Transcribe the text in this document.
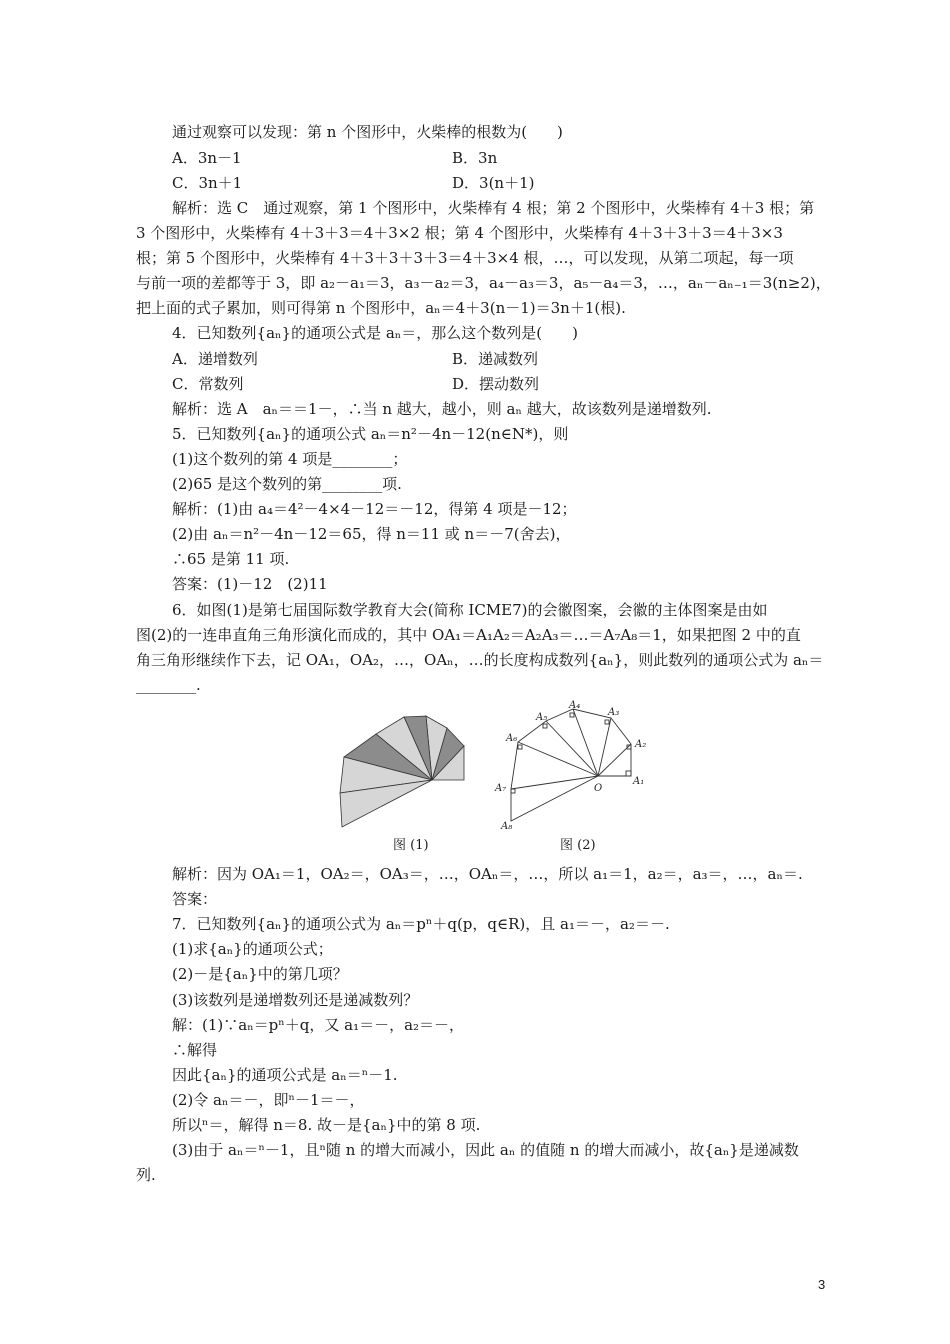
通过观察可以发现：第 n 个图形中，火柴棒的根数为(　　)
A．3n－1	B．3n
C．3n＋1	D．3(n＋1)
解析：选 C　通过观察，第 1 个图形中，火柴棒有 4 根；第 2 个图形中，火柴棒有 4＋3 根；第
3 个图形中，火柴棒有 4＋3＋3＝4＋3×2 根；第 4 个图形中，火柴棒有 4＋3＋3＋3＝4＋3×3
根；第 5 个图形中，火柴棒有 4＋3＋3＋3＋3＝4＋3×4 根，…，可以发现，从第二项起，每一项
与前一项的差都等于 3，即 a₂－a₁＝3，a₃－a₂＝3，a₄－a₃＝3，a₅－a₄＝3，…，aₙ－aₙ₋₁＝3(n≥2)，
把上面的式子累加，则可得第 n 个图形中，aₙ＝4＋3(n－1)＝3n＋1(根).
4．已知数列{aₙ}的通项公式是 aₙ＝，那么这个数列是(　　)
A．递增数列	B．递减数列
C．常数列	D．摆动数列
解析：选 A　aₙ＝＝1－，∴当 n 越大，越小，则 aₙ 越大，故该数列是递增数列.
5．已知数列{aₙ}的通项公式 aₙ＝n²－4n－12(n∈N*)，则
(1)这个数列的第 4 项是________；
(2)65 是这个数列的第________项.
解析：(1)由 a₄＝4²－4×4－12＝－12，得第 4 项是－12；
(2)由 aₙ＝n²－4n－12＝65，得 n＝11 或 n＝－7(舍去)，
∴65 是第 11 项.
答案：(1)－12　(2)11
6．如图(1)是第七届国际数学教育大会(简称 ICME7)的会徽图案，会徽的主体图案是由如
图(2)的一连串直角三角形演化而成的，其中 OA₁＝A₁A₂＝A₂A₃＝…＝A₇A₈＝1，如果把图 2 中的直
角三角形继续作下去，记 OA₁，OA₂，…，OAₙ，…的长度构成数列{aₙ}，则此数列的通项公式为 aₙ＝
________.
图 (1)
A₁
A₂
A₃
A₄
A₅
A₆
A₇
A₈
O
图 (2)
解析：因为 OA₁＝1，OA₂＝，OA₃＝，…，OAₙ＝，…，所以 a₁＝1，a₂＝，a₃＝，…，aₙ＝.
答案：
7．已知数列{aₙ}的通项公式为 aₙ＝pⁿ＋q(p，q∈R)，且 a₁＝－，a₂＝－.
(1)求{aₙ}的通项公式；
(2)－是{aₙ}中的第几项？
(3)该数列是递增数列还是递减数列？
解：(1)∵aₙ＝pⁿ＋q，又 a₁＝－，a₂＝－，
∴解得
因此{aₙ}的通项公式是 aₙ＝ⁿ－1.
(2)令 aₙ＝－，即ⁿ－1＝－，
所以ⁿ＝，解得 n＝8. 故－是{aₙ}中的第 8 项.
(3)由于 aₙ＝ⁿ－1，且ⁿ随 n 的增大而减小，因此 aₙ 的值随 n 的增大而减小，故{aₙ}是递减数
列.
3
